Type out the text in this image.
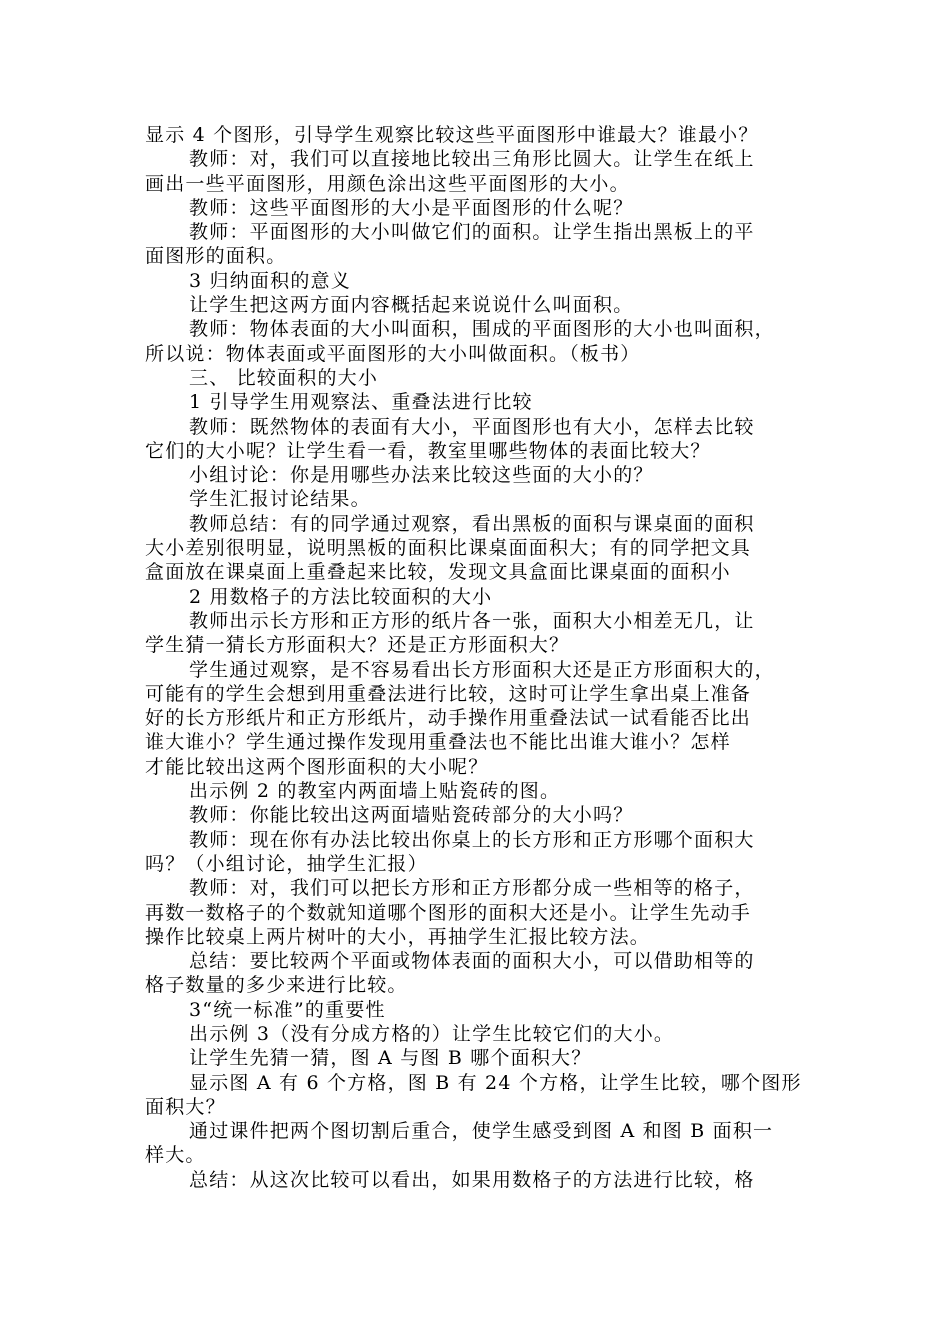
显示 4 个图形，引导学生观察比较这些平面图形中谁最大？谁最小？
教师：对，我们可以直接地比较出三角形比圆大。让学生在纸上
画出一些平面图形，用颜色涂出这些平面图形的大小。
教师：这些平面图形的大小是平面图形的什么呢？
教师：平面图形的大小叫做它们的面积。让学生指出黑板上的平
面图形的面积。
3 归纳面积的意义
让学生把这两方面内容概括起来说说什么叫面积。
教师：物体表面的大小叫面积，围成的平面图形的大小也叫面积，
所以说：物体表面或平面图形的大小叫做面积。（板书）
三、 比较面积的大小
1 引导学生用观察法、重叠法进行比较
教师：既然物体的表面有大小，平面图形也有大小，怎样去比较
它们的大小呢？让学生看一看，教室里哪些物体的表面比较大？
小组讨论：你是用哪些办法来比较这些面的大小的？
学生汇报讨论结果。
教师总结：有的同学通过观察，看出黑板的面积与课桌面的面积
大小差别很明显，说明黑板的面积比课桌面面积大；有的同学把文具
盒面放在课桌面上重叠起来比较，发现文具盒面比课桌面的面积小
2 用数格子的方法比较面积的大小
教师出示长方形和正方形的纸片各一张，面积大小相差无几，让
学生猜一猜长方形面积大？还是正方形面积大？
学生通过观察，是不容易看出长方形面积大还是正方形面积大的，
可能有的学生会想到用重叠法进行比较，这时可让学生拿出桌上准备
好的长方形纸片和正方形纸片，动手操作用重叠法试一试看能否比出
谁大谁小？学生通过操作发现用重叠法也不能比出谁大谁小？怎样
才能比较出这两个图形面积的大小呢？
出示例 2 的教室内两面墙上贴瓷砖的图。
教师：你能比较出这两面墙贴瓷砖部分的大小吗？
教师：现在你有办法比较出你桌上的长方形和正方形哪个面积大
吗？（小组讨论，抽学生汇报）
教师：对，我们可以把长方形和正方形都分成一些相等的格子，
再数一数格子的个数就知道哪个图形的面积大还是小。让学生先动手
操作比较桌上两片树叶的大小，再抽学生汇报比较方法。
总结：要比较两个平面或物体表面的面积大小，可以借助相等的
格子数量的多少来进行比较。
3“统一标准”的重要性
出示例 3（没有分成方格的）让学生比较它们的大小。
让学生先猜一猜，图 A 与图 B 哪个面积大？
显示图 A 有 6 个方格，图 B 有 24 个方格，让学生比较，哪个图形
面积大？
通过课件把两个图切割后重合，使学生感受到图 A 和图 B 面积一
样大。
总结：从这次比较可以看出，如果用数格子的方法进行比较，格
